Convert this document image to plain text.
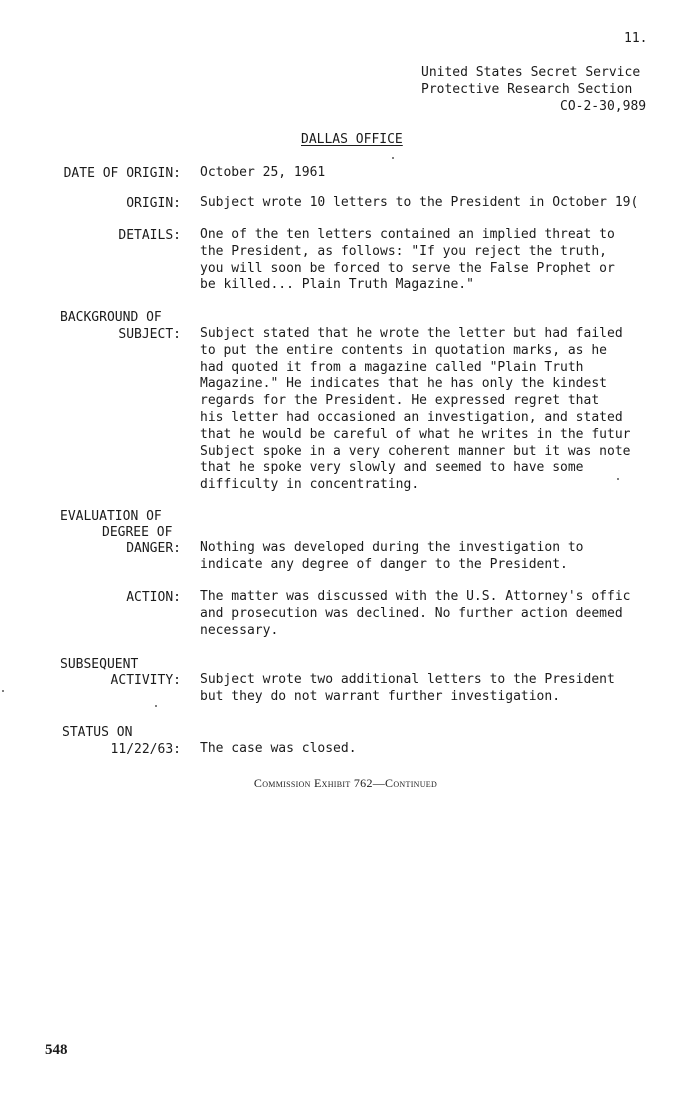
11.
United States Secret Service
Protective Research Section
CO-2-30,989
DALLAS OFFICE
DATE OF ORIGIN: October 25, 1961
ORIGIN: Subject wrote 10 letters to the President in October 19(
DETAILS: One of the ten letters contained an implied threat to
the President, as follows: "If you reject the truth,
you will soon be forced to serve the False Prophet or
be killed... Plain Truth Magazine."
BACKGROUND OF
SUBJECT: Subject stated that he wrote the letter but had failed
to put the entire contents in quotation marks, as he
had quoted it from a magazine called "Plain Truth
Magazine." He indicates that he has only the kindest
regards for the President. He expressed regret that
his letter had occasioned an investigation, and stated
that he would be careful of what he writes in the futur
Subject spoke in a very coherent manner but it was note
that he spoke very slowly and seemed to have some
difficulty in concentrating.
EVALUATION OF
DEGREE OF
DANGER: Nothing was developed during the investigation to
indicate any degree of danger to the President.
ACTION: The matter was discussed with the U.S. Attorney's offic
and prosecution was declined. No further action deemed
necessary.
SUBSEQUENT
ACTIVITY: Subject wrote two additional letters to the President
but they do not warrant further investigation.
STATUS ON
11/22/63: The case was closed.
Commission Exhibit 762—Continued
548
